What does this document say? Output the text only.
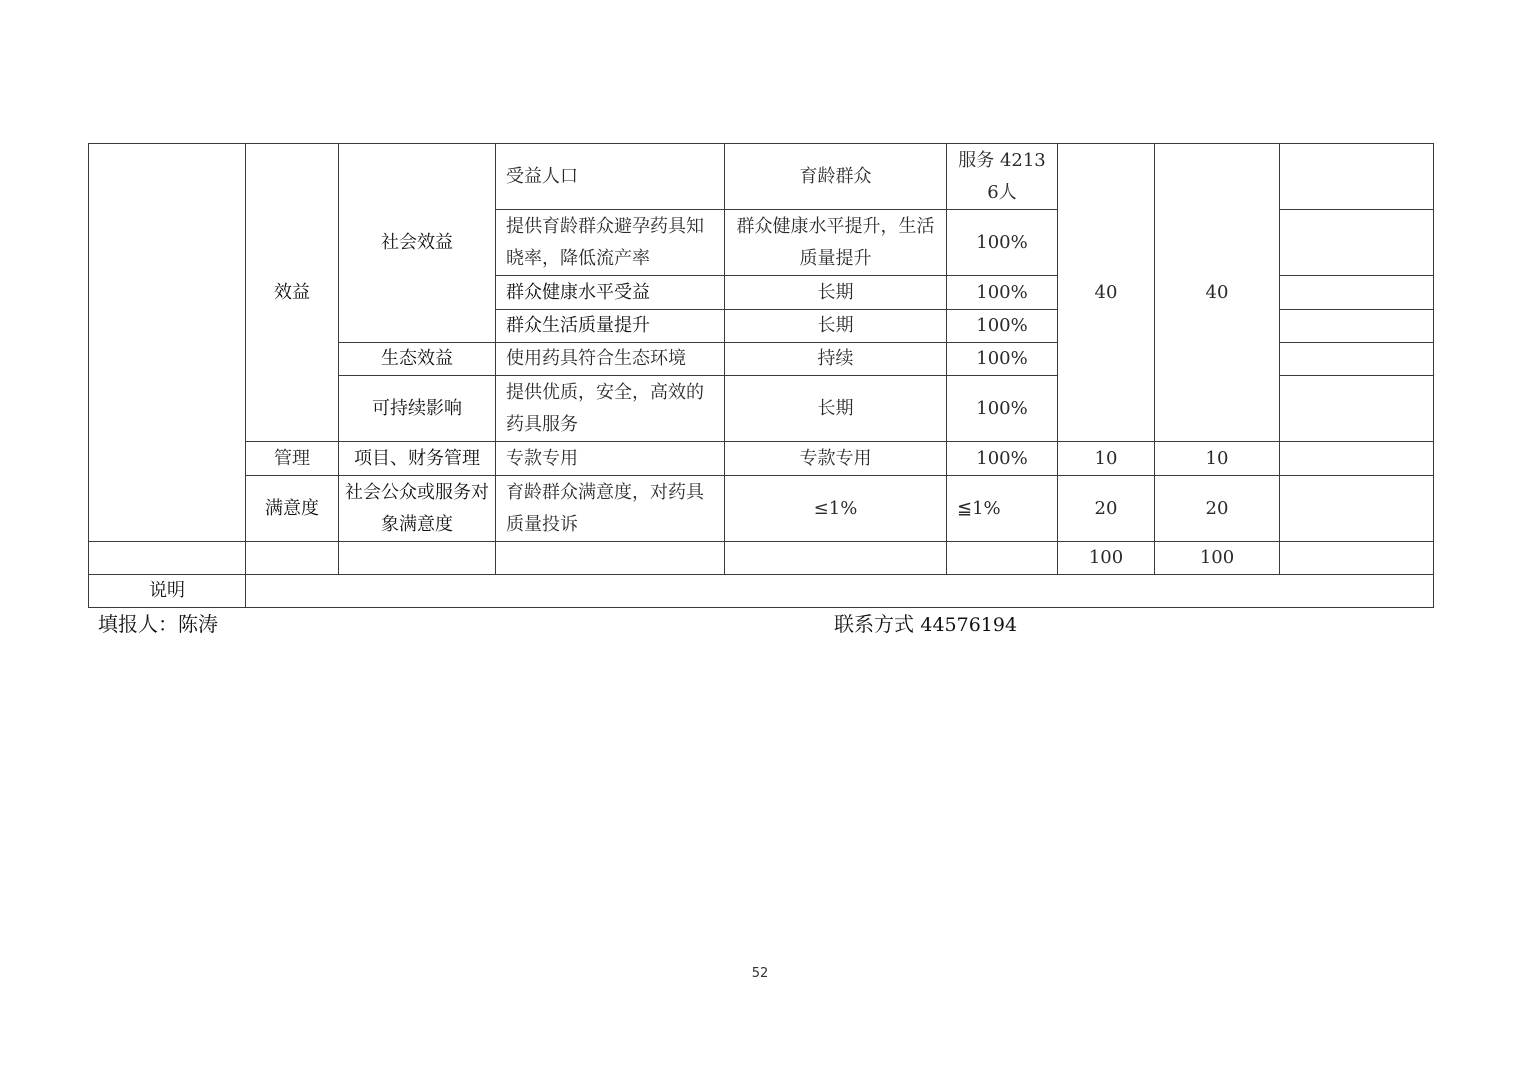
	效益	社会效益	受益人口	育龄群众	服务 42136人	40	40	
			提供育龄群众避孕药具知晓率，降低流产率	群众健康水平提升，生活质量提升	100%			
			群众健康水平受益	长期	100%			
			群众生活质量提升	长期	100%			
		生态效益	使用药具符合生态环境	持续	100%			
		可持续影响	提供优质，安全，高效的药具服务	长期	100%			
	管理	项目、财务管理	专款专用	专款专用	100%	10	10	
	满意度	社会公众或服务对象满意度	育龄群众满意度，对药具质量投诉	≤1%	≦1%	20	20	
						100	100	
说明								
填报人：陈涛	联系方式 44576194
52
